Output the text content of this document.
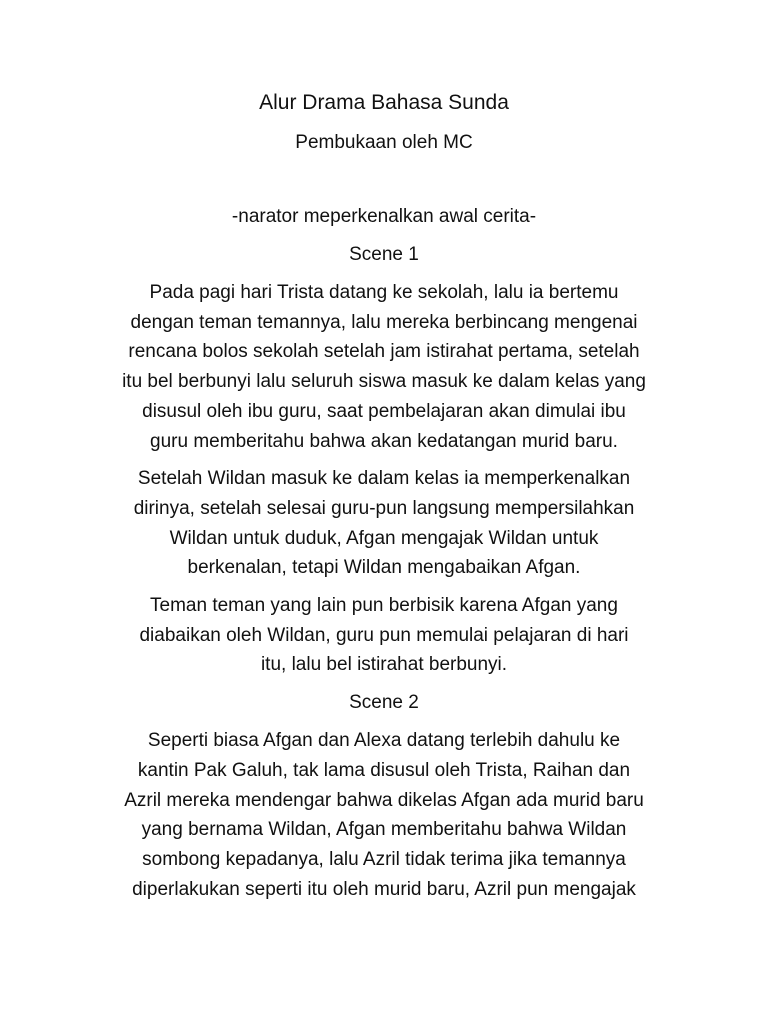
Alur Drama Bahasa Sunda
Pembukaan oleh MC
-narator meperkenalkan awal cerita-
Scene 1

Pada pagi hari Trista datang ke sekolah, lalu ia bertemu
dengan teman temannya, lalu mereka berbincang mengenai
rencana bolos sekolah setelah jam istirahat pertama, setelah
itu bel berbunyi lalu seluruh siswa masuk ke dalam kelas yang
disusul oleh ibu guru, saat pembelajaran akan dimulai ibu
guru memberitahu bahwa akan kedatangan murid baru.

Setelah Wildan masuk ke dalam kelas ia memperkenalkan
dirinya, setelah selesai guru-pun langsung mempersilahkan
Wildan untuk duduk, Afgan mengajak Wildan untuk
berkenalan, tetapi Wildan mengabaikan Afgan.

Teman teman yang lain pun berbisik karena Afgan yang
diabaikan oleh Wildan, guru pun memulai pelajaran di hari
itu, lalu bel istirahat berbunyi.

Scene 2

Seperti biasa Afgan dan Alexa datang terlebih dahulu ke
kantin Pak Galuh, tak lama disusul oleh Trista, Raihan dan
Azril mereka mendengar bahwa dikelas Afgan ada murid baru
yang bernama Wildan, Afgan memberitahu bahwa Wildan
sombong kepadanya, lalu Azril tidak terima jika temannya
diperlakukan seperti itu oleh murid baru, Azril pun mengajak
